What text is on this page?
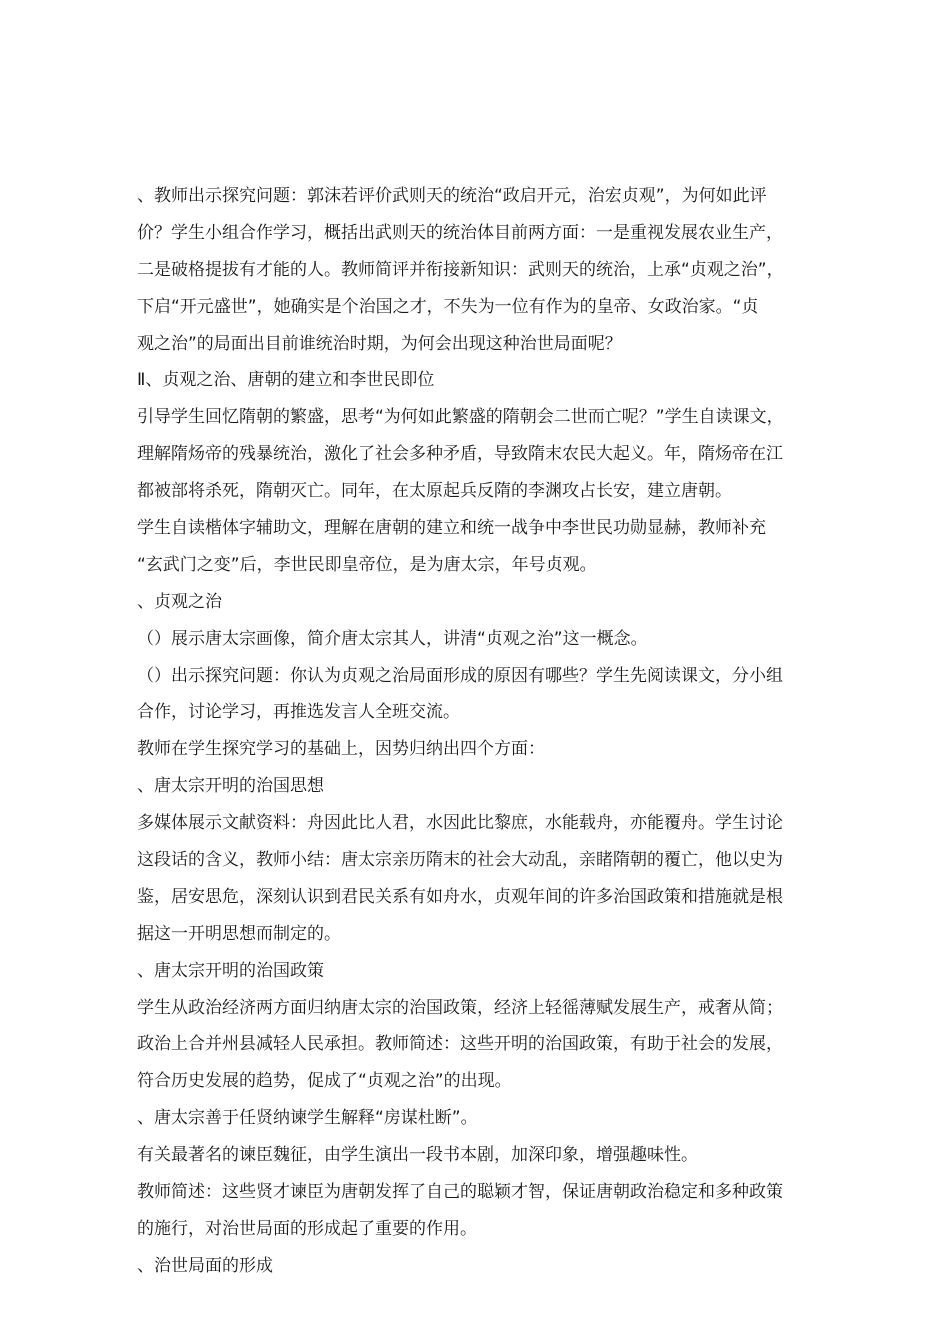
、教师出示探究问题：郭沫若评价武则天的统治“政启开元，治宏贞观”，为何如此评
价？学生小组合作学习，概括出武则天的统治体目前两方面：一是重视发展农业生产，
二是破格提拔有才能的人。教师简评并衔接新知识：武则天的统治，上承“贞观之治”，
下启“开元盛世”，她确实是个治国之才，不失为一位有作为的皇帝、女政治家。“贞
观之治”的局面出目前谁统治时期，为何会出现这种治世局面呢？
Ⅱ、贞观之治、唐朝的建立和李世民即位
引导学生回忆隋朝的繁盛，思考“为何如此繁盛的隋朝会二世而亡呢？”学生自读课文，
理解隋炀帝的残暴统治，激化了社会多种矛盾，导致隋末农民大起义。年，隋炀帝在江
都被部将杀死，隋朝灭亡。同年，在太原起兵反隋的李渊攻占长安，建立唐朝。
学生自读楷体字辅助文，理解在唐朝的建立和统一战争中李世民功勋显赫，教师补充
“玄武门之变”后，李世民即皇帝位，是为唐太宗，年号贞观。
、贞观之治
（）展示唐太宗画像，简介唐太宗其人，讲清“贞观之治”这一概念。
（）出示探究问题：你认为贞观之治局面形成的原因有哪些？学生先阅读课文，分小组
合作，讨论学习，再推选发言人全班交流。
教师在学生探究学习的基础上，因势归纳出四个方面：
、唐太宗开明的治国思想
多媒体展示文献资料：舟因此比人君，水因此比黎庶，水能载舟，亦能覆舟。学生讨论
这段话的含义，教师小结：唐太宗亲历隋末的社会大动乱，亲睹隋朝的覆亡，他以史为
鉴，居安思危，深刻认识到君民关系有如舟水，贞观年间的许多治国政策和措施就是根
据这一开明思想而制定的。
、唐太宗开明的治国政策
学生从政治经济两方面归纳唐太宗的治国政策，经济上轻徭薄赋发展生产，戒奢从简；
政治上合并州县减轻人民承担。教师简述：这些开明的治国政策，有助于社会的发展，
符合历史发展的趋势，促成了“贞观之治”的出现。
、唐太宗善于任贤纳谏学生解释“房谋杜断”。
有关最著名的谏臣魏征，由学生演出一段书本剧，加深印象，增强趣味性。
教师简述：这些贤才谏臣为唐朝发挥了自己的聪颖才智，保证唐朝政治稳定和多种政策
的施行，对治世局面的形成起了重要的作用。
、治世局面的形成
